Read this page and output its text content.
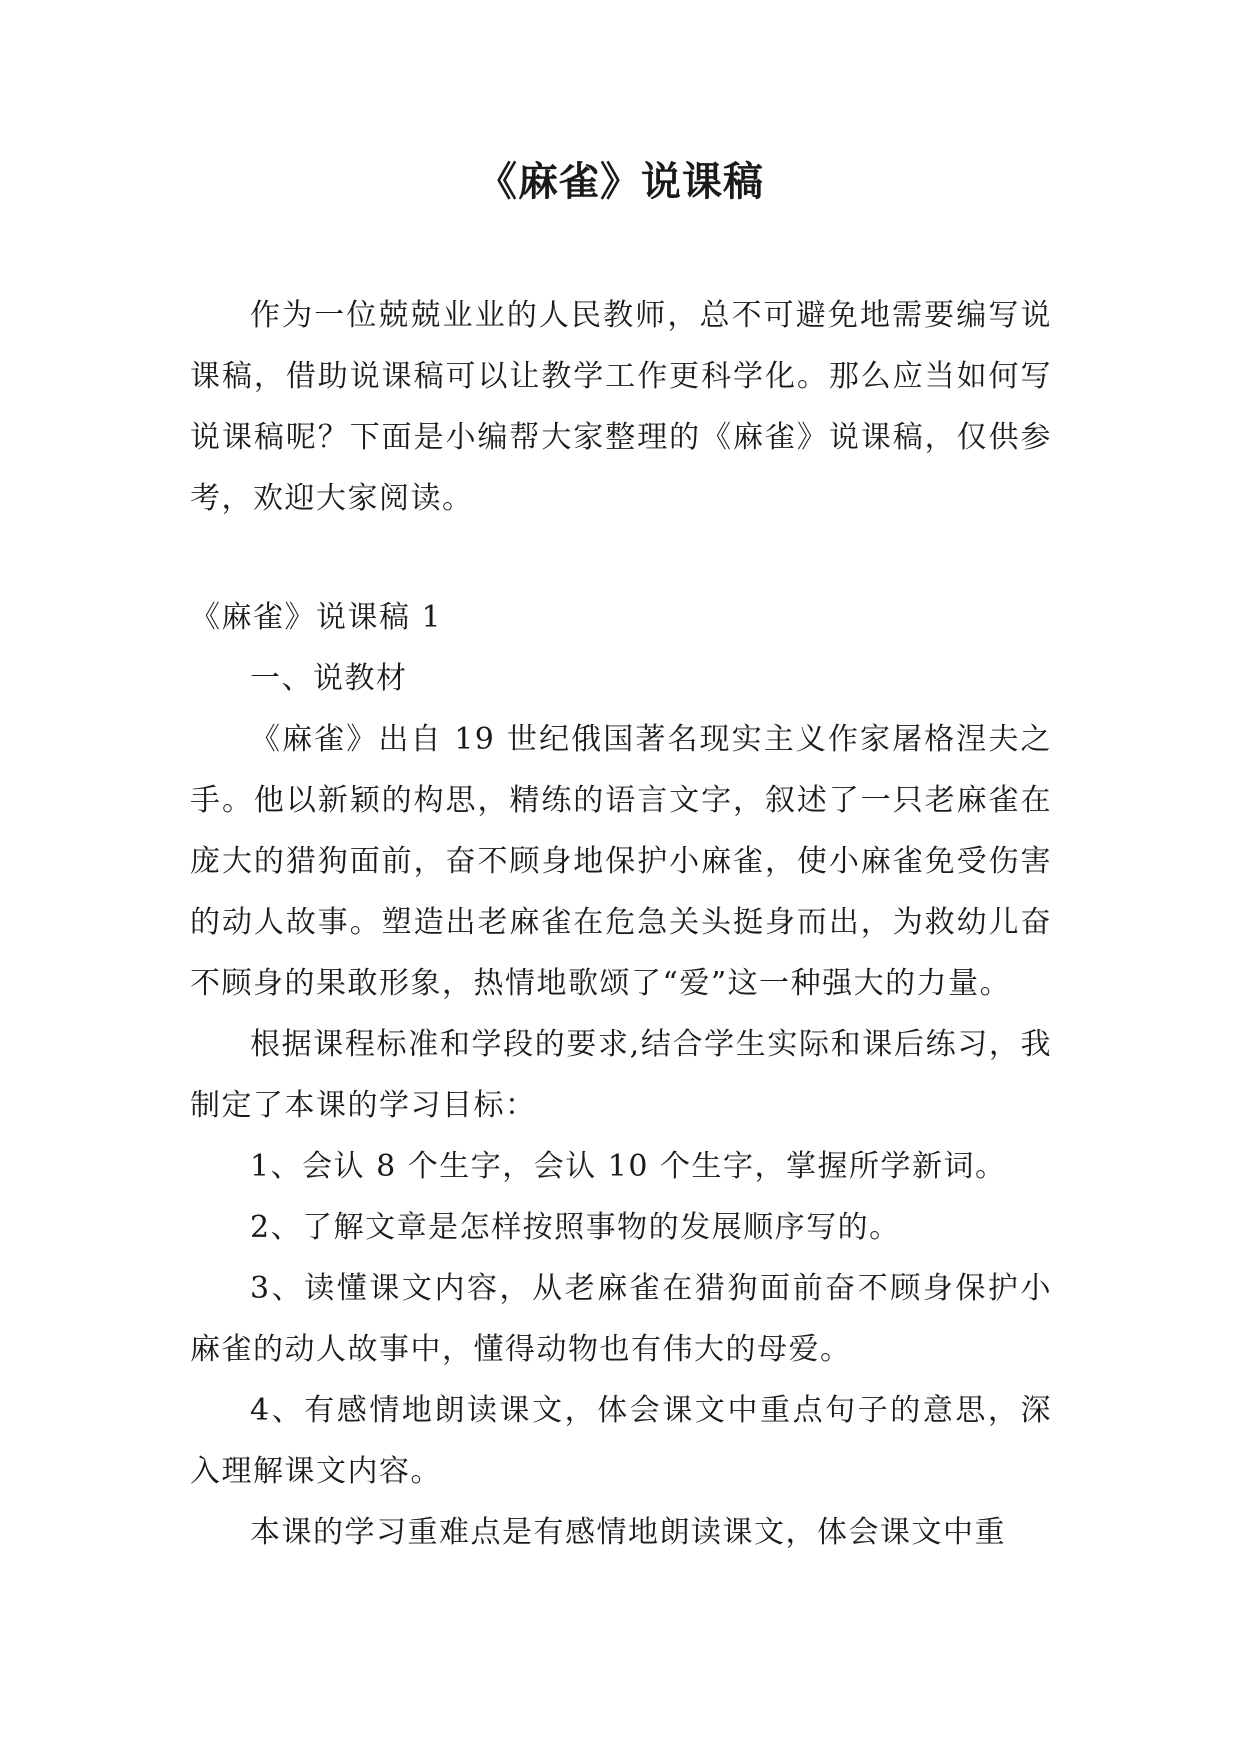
《麻雀》说课稿

作为一位兢兢业业的人民教师，总不可避免地需要编写说课稿，借助说课稿可以让教学工作更科学化。那么应当如何写说课稿呢？下面是小编帮大家整理的《麻雀》说课稿，仅供参考，欢迎大家阅读。

《麻雀》说课稿 1

一、说教材

《麻雀》出自 19 世纪俄国著名现实主义作家屠格涅夫之手。他以新颖的构思，精练的语言文字，叙述了一只老麻雀在庞大的猎狗面前，奋不顾身地保护小麻雀，使小麻雀免受伤害的动人故事。塑造出老麻雀在危急关头挺身而出，为救幼儿奋不顾身的果敢形象，热情地歌颂了“爱”这一种强大的力量。

根据课程标准和学段的要求,结合学生实际和课后练习，我制定了本课的学习目标：

1、会认 8 个生字，会认 10 个生字，掌握所学新词。

2、了解文章是怎样按照事物的发展顺序写的。

3、读懂课文内容，从老麻雀在猎狗面前奋不顾身保护小麻雀的动人故事中，懂得动物也有伟大的母爱。

4、有感情地朗读课文，体会课文中重点句子的意思，深入理解课文内容。

本课的学习重难点是有感情地朗读课文，体会课文中重
